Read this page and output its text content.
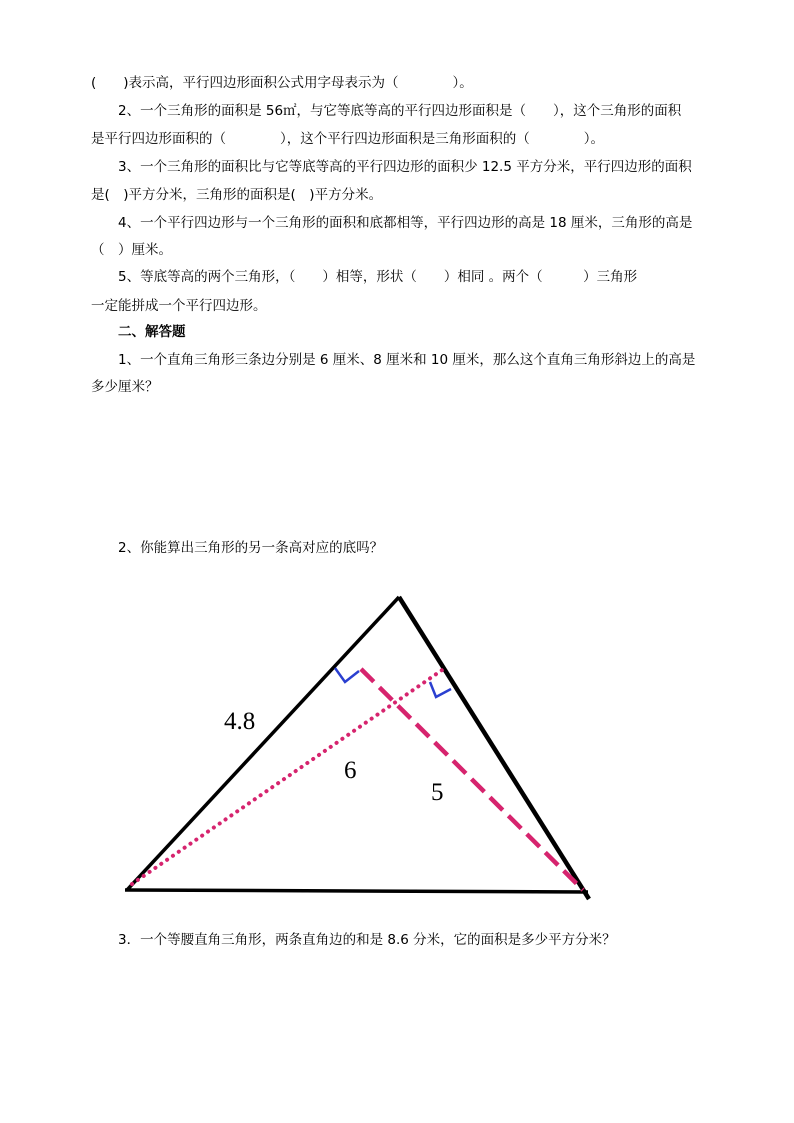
(　　)表示高，平行四边形面积公式用字母表示为（　　　　）。
2、一个三角形的面积是 56㎡，与它等底等高的平行四边形面积是（　　），这个三角形的面积
是平行四边形面积的（　　　　），这个平行四边形面积是三角形面积的（　　　　）。
3、一个三角形的面积比与它等底等高的平行四边形的面积少 12.5 平方分米，平行四边形的面积
是(　)平方分米，三角形的面积是(　)平方分米。
4、一个平行四边形与一个三角形的面积和底都相等，平行四边形的高是 18 厘米，三角形的高是
（　）厘米。
5、等底等高的两个三角形，（　　）相等，形状（　　）相同 。两个（　　　）三角形
一定能拼成一个平行四边形。
二、解答题
1、一个直角三角形三条边分别是 6 厘米、8 厘米和 10 厘米，那么这个直角三角形斜边上的高是
多少厘米？
2、你能算出三角形的另一条高对应的底吗？
3．一个等腰直角三角形，两条直角边的和是 8.6 分米，它的面积是多少平方分米？
4.8
6
5
